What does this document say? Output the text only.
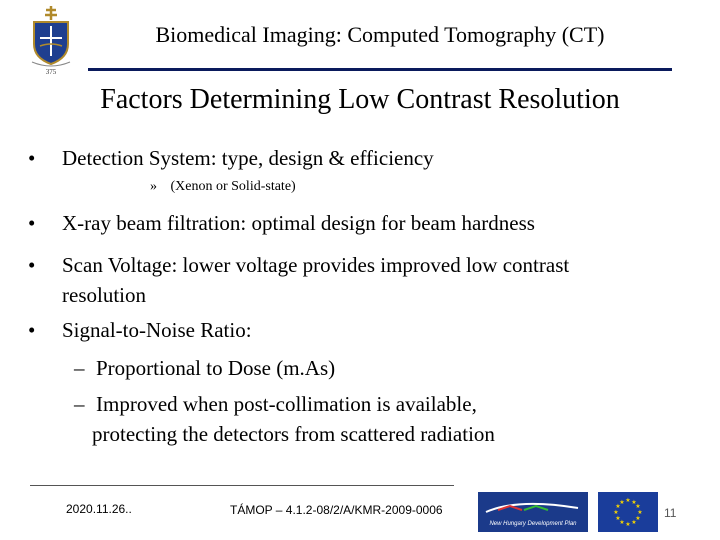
375
Biomedical Imaging: Computed Tomography (CT)
Factors Determining Low Contrast Resolution
• Detection System: type, design & efficiency
» (Xenon or Solid-state)
• X-ray beam filtration: optimal design for beam hardness
• Scan Voltage: lower voltage provides improved low contrast
resolution
• Signal-to-Noise Ratio:
– Proportional to Dose (m.As)
– Improved when post-collimation is available,
protecting the detectors from scattered radiation
2020.11.26..	TÁMOP – 4.1.2-08/2/A/KMR-2009-0006
New Hungary Development Plan
★ ★
★
★
★
★
★
★
★
★
★
★
11
